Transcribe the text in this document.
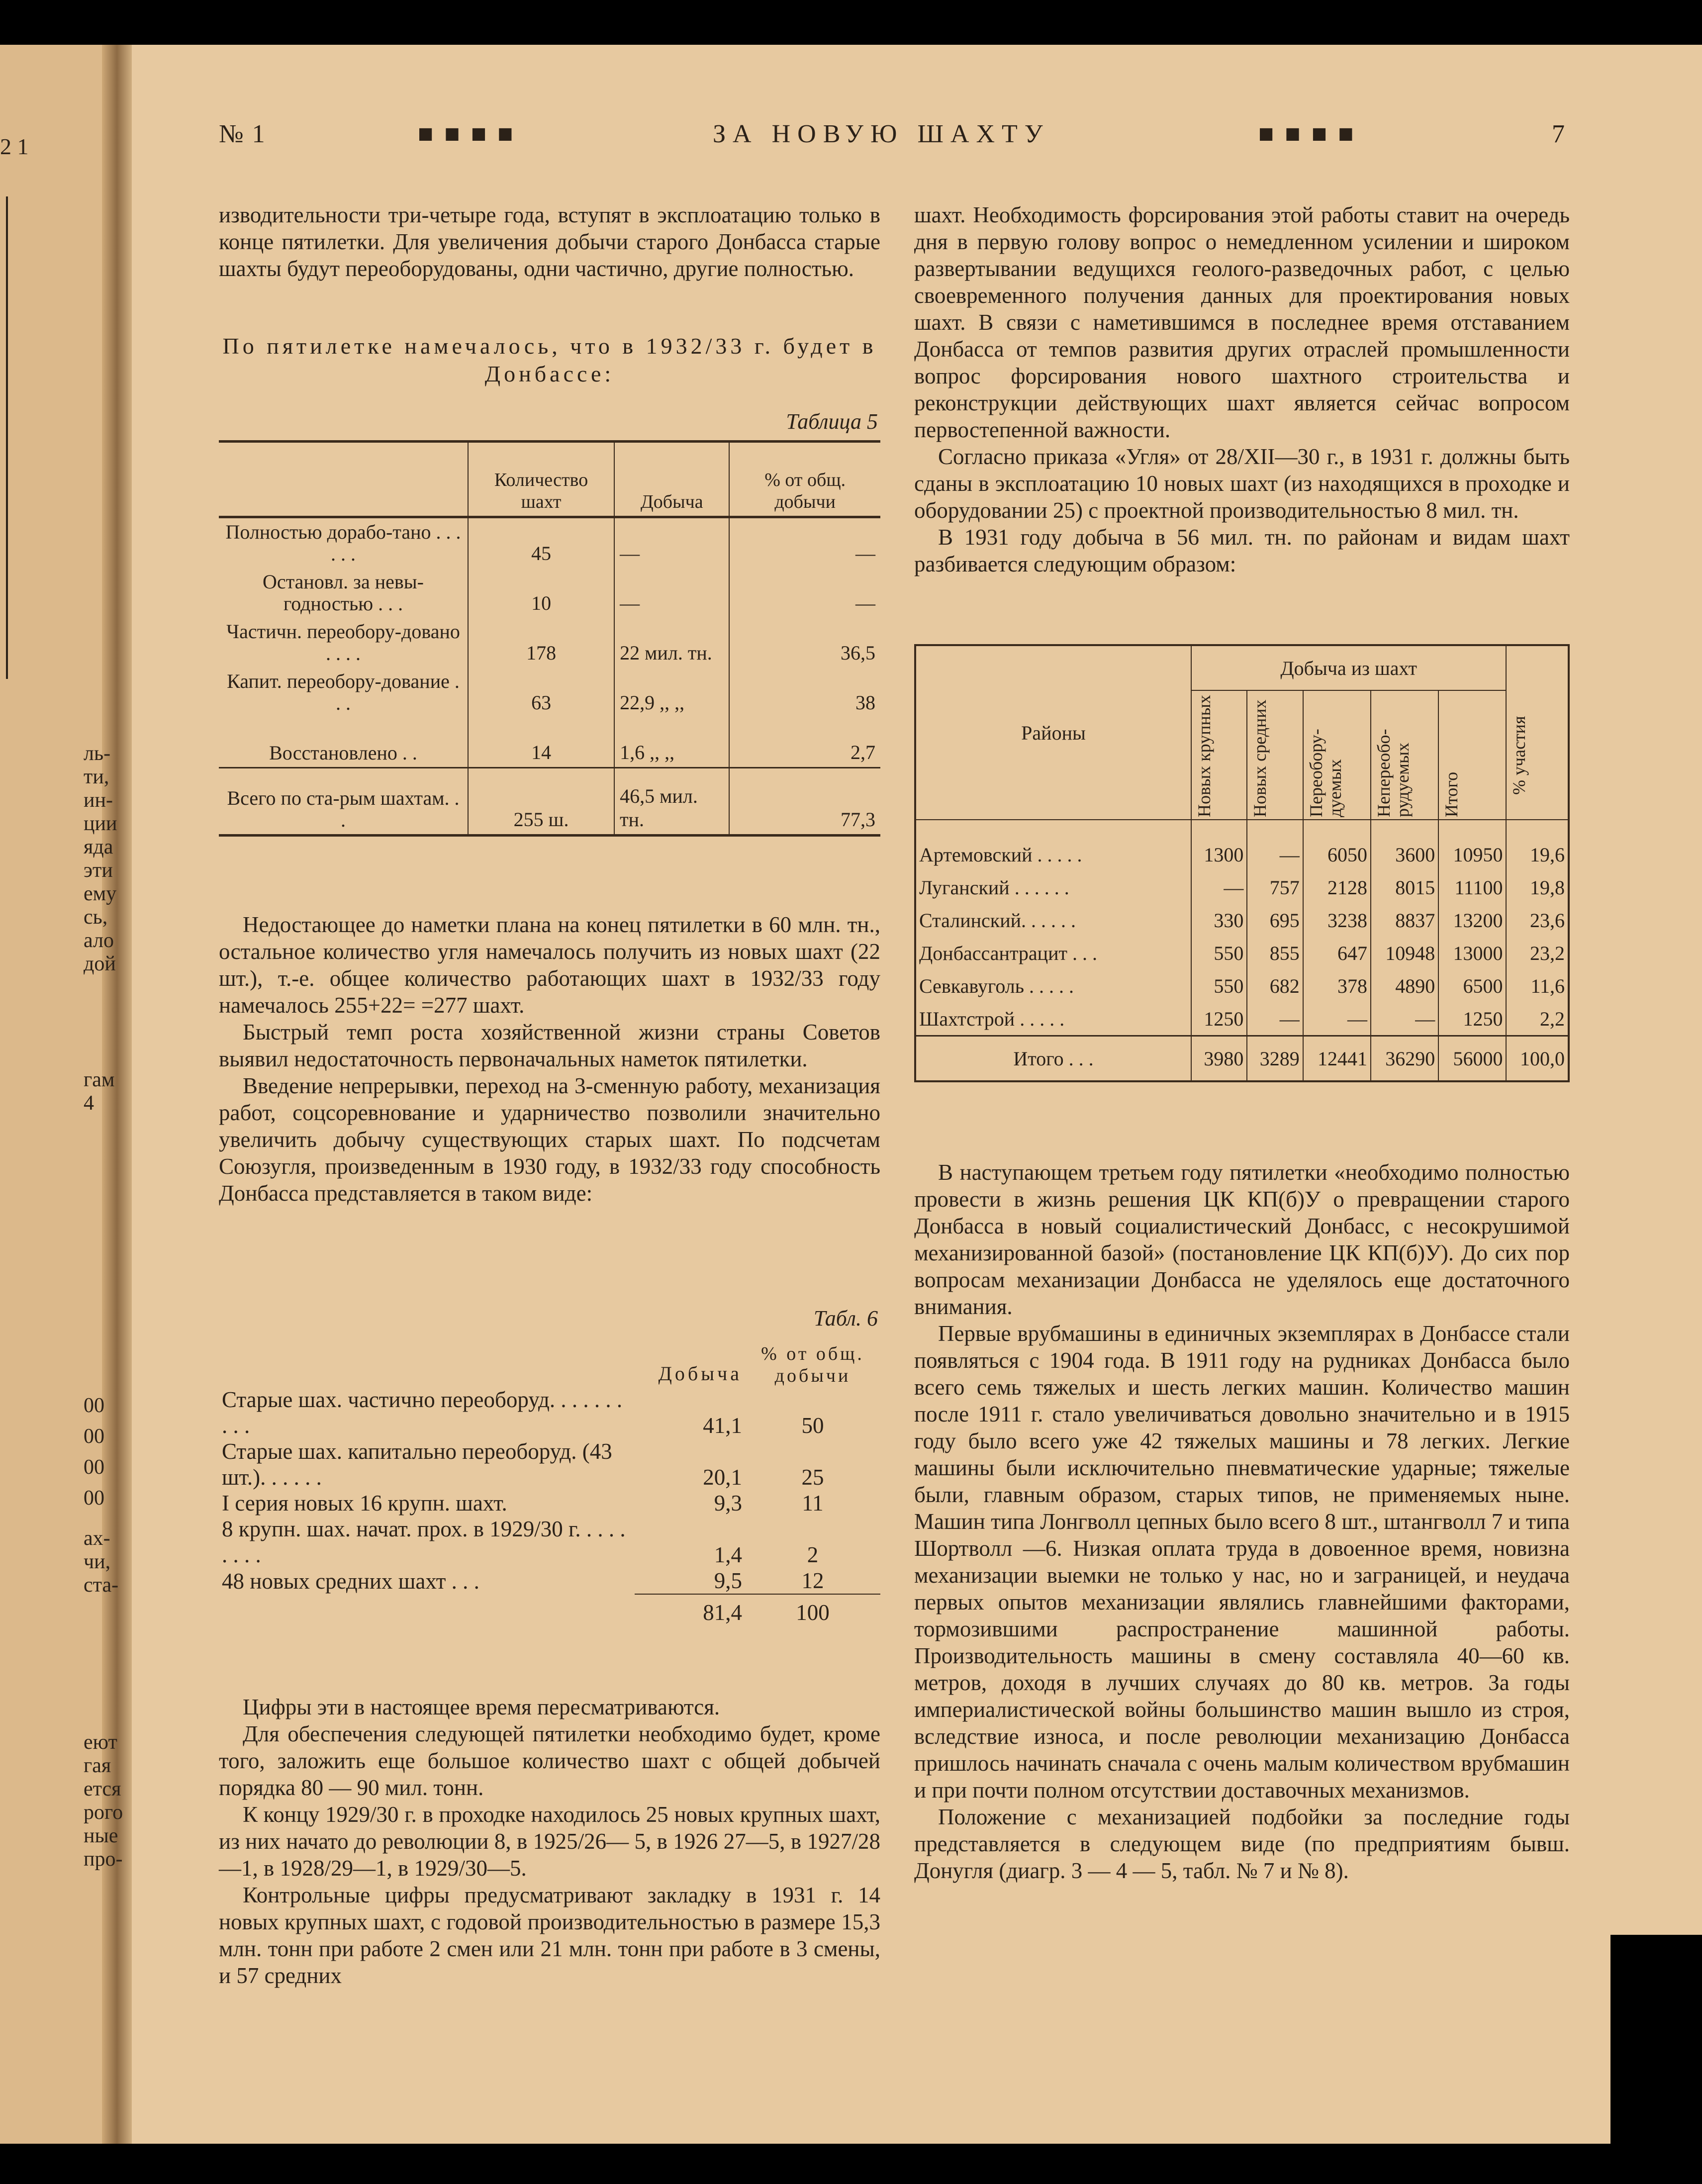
2 1
ль-
ти,
ин-
ции
яда
эти
ему
сь,
ало
дой
гам
4
00
00
00
00
ах-
чи,
ста-
еют
гая
ется
рого
ные
про-
№ 1	■■■■	ЗА НОВУЮ ШАХТУ	■■■■	7

изводительности три-четыре года, вступят в эксплоатацию только в конце пятилетки. Для увеличения добычи старого Донбасса старые шахты будут переоборудованы, одни частично, другие полностью.

По пятилетке намечалось, что в 1932/33 г. будет в Донбассе:
Таблица 5
	Количество шахт	Добыча	% от общ. добычи
Полностью дорабо-тано . . . . . .	45	—	—
Остановл. за невы-годностью . . .	10	—	—
Частичн. переобору-довано . . . .	178	22 мил. тн.	36,5
Капит. переобору-дование . . .	63	22,9 ,, ,,	38
Восстановлено . .	14	1,6 ,, ,,	2,7
Всего по ста-рым шахтам. . .	255 ш.	46,5 мил. тн.	77,3

Недостающее до наметки плана на конец пятилетки в 60 млн. тн., остальное количество угля намечалось получить из новых шахт (22 шт.), т.-е. общее количество работающих шахт в 1932/33 году намечалось 255+22= =277 шахт.

Быстрый темп роста хозяйственной жизни страны Советов выявил недостаточность первоначальных наметок пятилетки.

Введение непрерывки, переход на 3-сменную работу, механизация работ, соцсоревнование и ударничество позволили значительно увеличить добычу существующих старых шахт. По подсчетам Союзугля, произведенным в 1930 году, в 1932/33 году способность Донбасса представляется в таком виде:

Табл. 6
	Добыча	% от общ. добычи
Старые шах. частично переоборуд. . . . . . . . . .	41,1	50
Старые шах. капитально переоборуд. (43 шт.). . . . . .	20,1	25
I серия новых 16 крупн. шахт.	9,3	11
8 крупн. шах. начат. прох. в 1929/30 г. . . . . . . . .	1,4	2
48 новых средних шахт . . .	9,5	12
	81,4	100

Цифры эти в настоящее время пересматриваются.

Для обеспечения следующей пятилетки необходимо будет, кроме того, заложить еще большое количество шахт с общей добычей порядка 80 — 90 мил. тонн.

К концу 1929/30 г. в проходке находилось 25 новых крупных шахт, из них начато до революции 8, в 1925/26— 5, в 1926 27—5, в 1927/28—1, в 1928/29—1, в 1929/30—5.

Контрольные цифры предусматривают закладку в 1931 г. 14 новых крупных шахт, с годовой производительностью в размере 15,3 млн. тонн при работе 2 смен или 21 млн. тонн при работе в 3 смены, и 57 средних

шахт. Необходимость форсирования этой работы ставит на очередь дня в первую голову вопрос о немедленном усилении и широком развертывании ведущихся геолого-разведочных работ, с целью своевременного получения данных для проектирования новых шахт. В связи с наметившимся в последнее время отставанием Донбасса от темпов развития других отраслей промышленности вопрос форсирования нового шахтного строительства и реконструкции действующих шахт является сейчас вопросом первостепенной важности.

Согласно приказа «Угля» от 28/XII—30 г., в 1931 г. должны быть сданы в эксплоатацию 10 новых шахт (из находящихся в проходке и оборудовании 25) с проектной производительностью 8 мил. тн.

В 1931 году добыча в 56 мил. тн. по районам и видам шахт разбивается следующим образом:

Районы	Добыча из шахт					% участия

	Новых крупных	Новых средних	Переобору-дуемых	Непереобо-рудуемых	Итого	

Артемовский . . . . .	1300	—	6050	3600	10950	19,6
Луганский . . . . . .	—	757	2128	8015	11100	19,8
Сталинский. . . . . .	330	695	3238	8837	13200	23,6
Донбассантрацит . . .	550	855	647	10948	13000	23,2
Севкавуголь . . . . .	550	682	378	4890	6500	11,6
Шахтстрой . . . . .	1250	—	—	—	1250	2,2
Итого . . .	3980	3289	12441	36290	56000	100,0

В наступающем третьем году пятилетки «необходимо полностью провести в жизнь решения ЦК КП(б)У о превращении старого Донбасса в новый социалистический Донбасс, с несокрушимой механизированной базой» (постановление ЦК КП(б)У). До сих пор вопросам механизации Донбасса не уделялось еще достаточного внимания.

Первые врубмашины в единичных экземплярах в Донбассе стали появляться с 1904 года. В 1911 году на рудниках Донбасса было всего семь тяжелых и шесть легких машин. Количество машин после 1911 г. стало увеличиваться довольно значительно и в 1915 году было всего уже 42 тяжелых машины и 78 легких. Легкие машины были исключительно пневматические ударные; тяжелые были, главным образом, старых типов, не применяемых ныне. Машин типа Лонгволл цепных было всего 8 шт., штангволл 7 и типа Шортволл —6. Низкая оплата труда в довоенное время, новизна механизации выемки не только у нас, но и заграницей, и неудача первых опытов механизации являлись главнейшими факторами, тормозившими распространение машинной работы. Производительность машины в смену составляла 40—60 кв. метров, доходя в лучших случаях до 80 кв. метров. За годы империалистической войны большинство машин вышло из строя, вследствие износа, и после революции механизацию Донбасса пришлось начинать сначала с очень малым количеством врубмашин и при почти полном отсутствии доставочных механизмов.

Положение с механизацией подбойки за последние годы представляется в следующем виде (по предприятиям бывш. Донугля (диагр. 3 — 4 — 5, табл. № 7 и № 8).
